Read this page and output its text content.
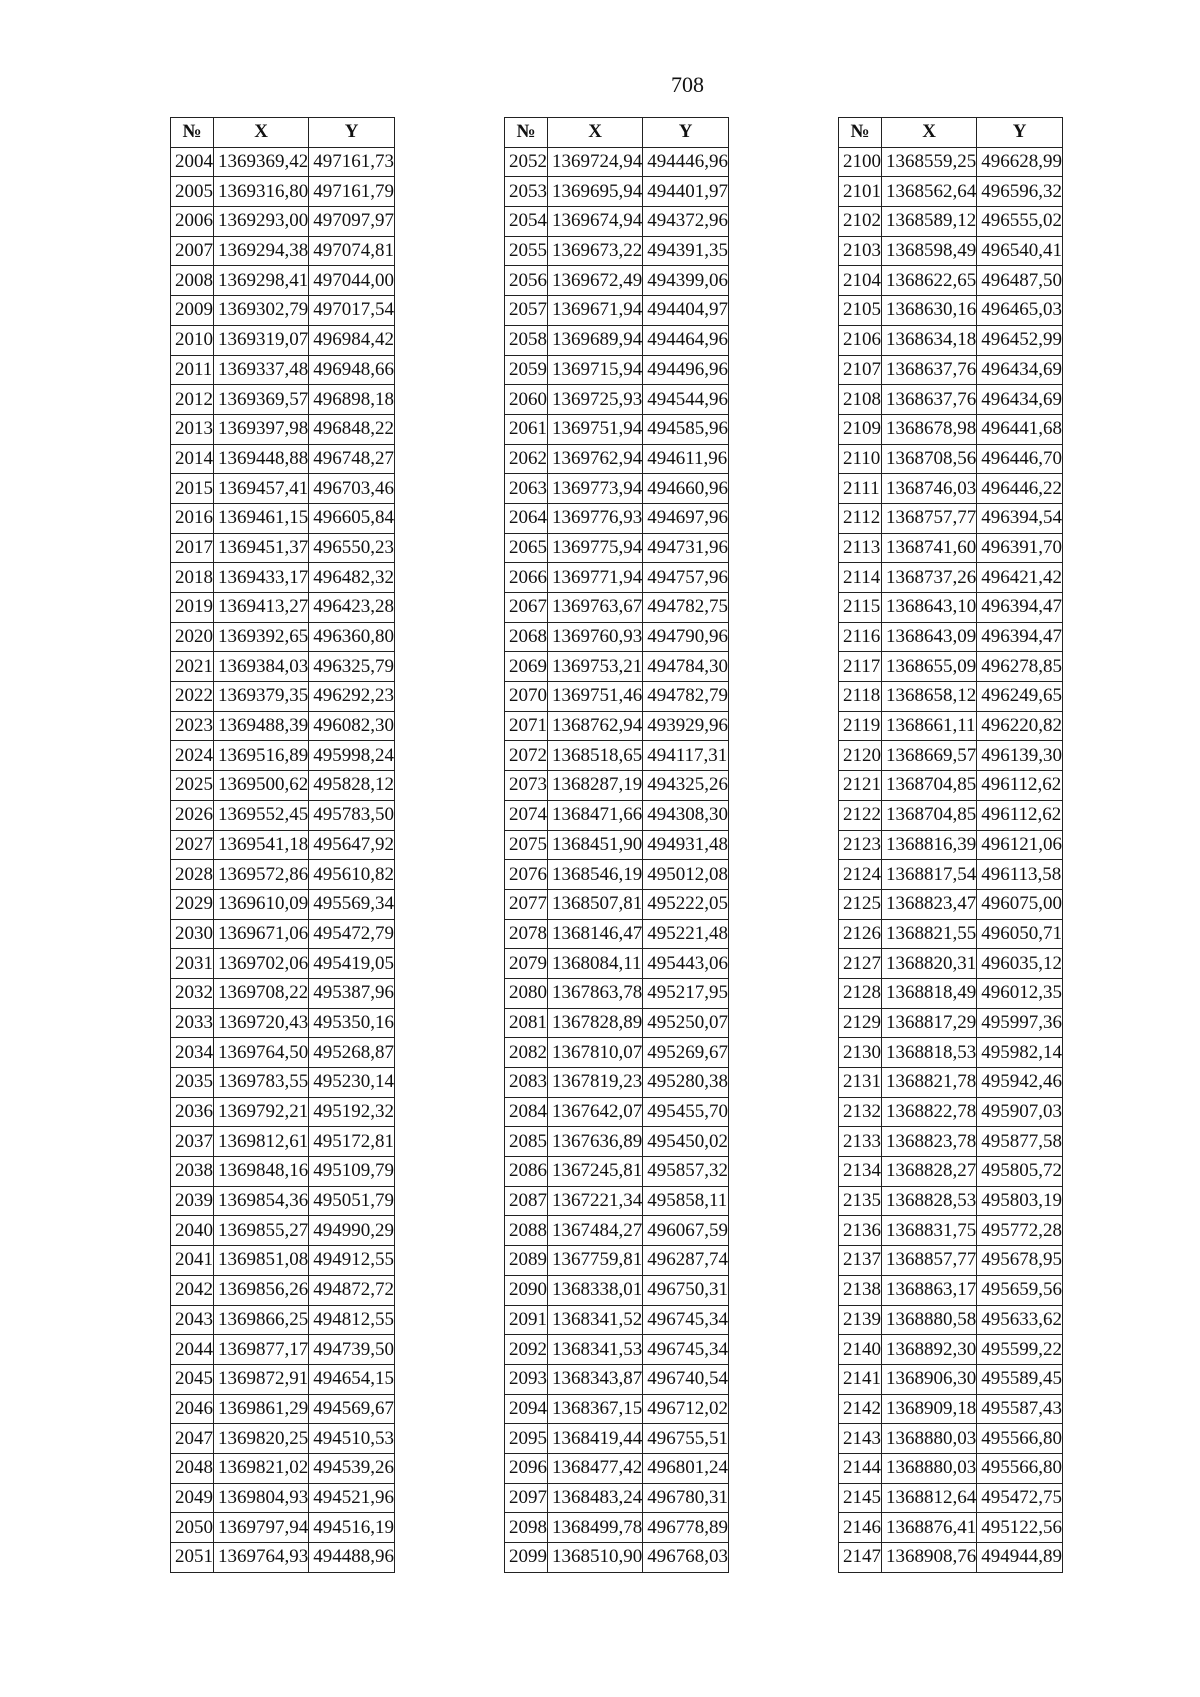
708
№	X	Y
2004	1369369,42	497161,73
2005	1369316,80	497161,79
2006	1369293,00	497097,97
2007	1369294,38	497074,81
2008	1369298,41	497044,00
2009	1369302,79	497017,54
2010	1369319,07	496984,42
2011	1369337,48	496948,66
2012	1369369,57	496898,18
2013	1369397,98	496848,22
2014	1369448,88	496748,27
2015	1369457,41	496703,46
2016	1369461,15	496605,84
2017	1369451,37	496550,23
2018	1369433,17	496482,32
2019	1369413,27	496423,28
2020	1369392,65	496360,80
2021	1369384,03	496325,79
2022	1369379,35	496292,23
2023	1369488,39	496082,30
2024	1369516,89	495998,24
2025	1369500,62	495828,12
2026	1369552,45	495783,50
2027	1369541,18	495647,92
2028	1369572,86	495610,82
2029	1369610,09	495569,34
2030	1369671,06	495472,79
2031	1369702,06	495419,05
2032	1369708,22	495387,96
2033	1369720,43	495350,16
2034	1369764,50	495268,87
2035	1369783,55	495230,14
2036	1369792,21	495192,32
2037	1369812,61	495172,81
2038	1369848,16	495109,79
2039	1369854,36	495051,79
2040	1369855,27	494990,29
2041	1369851,08	494912,55
2042	1369856,26	494872,72
2043	1369866,25	494812,55
2044	1369877,17	494739,50
2045	1369872,91	494654,15
2046	1369861,29	494569,67
2047	1369820,25	494510,53
2048	1369821,02	494539,26
2049	1369804,93	494521,96
2050	1369797,94	494516,19
2051	1369764,93	494488,96
№	X	Y
2052	1369724,94	494446,96
2053	1369695,94	494401,97
2054	1369674,94	494372,96
2055	1369673,22	494391,35
2056	1369672,49	494399,06
2057	1369671,94	494404,97
2058	1369689,94	494464,96
2059	1369715,94	494496,96
2060	1369725,93	494544,96
2061	1369751,94	494585,96
2062	1369762,94	494611,96
2063	1369773,94	494660,96
2064	1369776,93	494697,96
2065	1369775,94	494731,96
2066	1369771,94	494757,96
2067	1369763,67	494782,75
2068	1369760,93	494790,96
2069	1369753,21	494784,30
2070	1369751,46	494782,79
2071	1368762,94	493929,96
2072	1368518,65	494117,31
2073	1368287,19	494325,26
2074	1368471,66	494308,30
2075	1368451,90	494931,48
2076	1368546,19	495012,08
2077	1368507,81	495222,05
2078	1368146,47	495221,48
2079	1368084,11	495443,06
2080	1367863,78	495217,95
2081	1367828,89	495250,07
2082	1367810,07	495269,67
2083	1367819,23	495280,38
2084	1367642,07	495455,70
2085	1367636,89	495450,02
2086	1367245,81	495857,32
2087	1367221,34	495858,11
2088	1367484,27	496067,59
2089	1367759,81	496287,74
2090	1368338,01	496750,31
2091	1368341,52	496745,34
2092	1368341,53	496745,34
2093	1368343,87	496740,54
2094	1368367,15	496712,02
2095	1368419,44	496755,51
2096	1368477,42	496801,24
2097	1368483,24	496780,31
2098	1368499,78	496778,89
2099	1368510,90	496768,03
№	X	Y
2100	1368559,25	496628,99
2101	1368562,64	496596,32
2102	1368589,12	496555,02
2103	1368598,49	496540,41
2104	1368622,65	496487,50
2105	1368630,16	496465,03
2106	1368634,18	496452,99
2107	1368637,76	496434,69
2108	1368637,76	496434,69
2109	1368678,98	496441,68
2110	1368708,56	496446,70
2111	1368746,03	496446,22
2112	1368757,77	496394,54
2113	1368741,60	496391,70
2114	1368737,26	496421,42
2115	1368643,10	496394,47
2116	1368643,09	496394,47
2117	1368655,09	496278,85
2118	1368658,12	496249,65
2119	1368661,11	496220,82
2120	1368669,57	496139,30
2121	1368704,85	496112,62
2122	1368704,85	496112,62
2123	1368816,39	496121,06
2124	1368817,54	496113,58
2125	1368823,47	496075,00
2126	1368821,55	496050,71
2127	1368820,31	496035,12
2128	1368818,49	496012,35
2129	1368817,29	495997,36
2130	1368818,53	495982,14
2131	1368821,78	495942,46
2132	1368822,78	495907,03
2133	1368823,78	495877,58
2134	1368828,27	495805,72
2135	1368828,53	495803,19
2136	1368831,75	495772,28
2137	1368857,77	495678,95
2138	1368863,17	495659,56
2139	1368880,58	495633,62
2140	1368892,30	495599,22
2141	1368906,30	495589,45
2142	1368909,18	495587,43
2143	1368880,03	495566,80
2144	1368880,03	495566,80
2145	1368812,64	495472,75
2146	1368876,41	495122,56
2147	1368908,76	494944,89
